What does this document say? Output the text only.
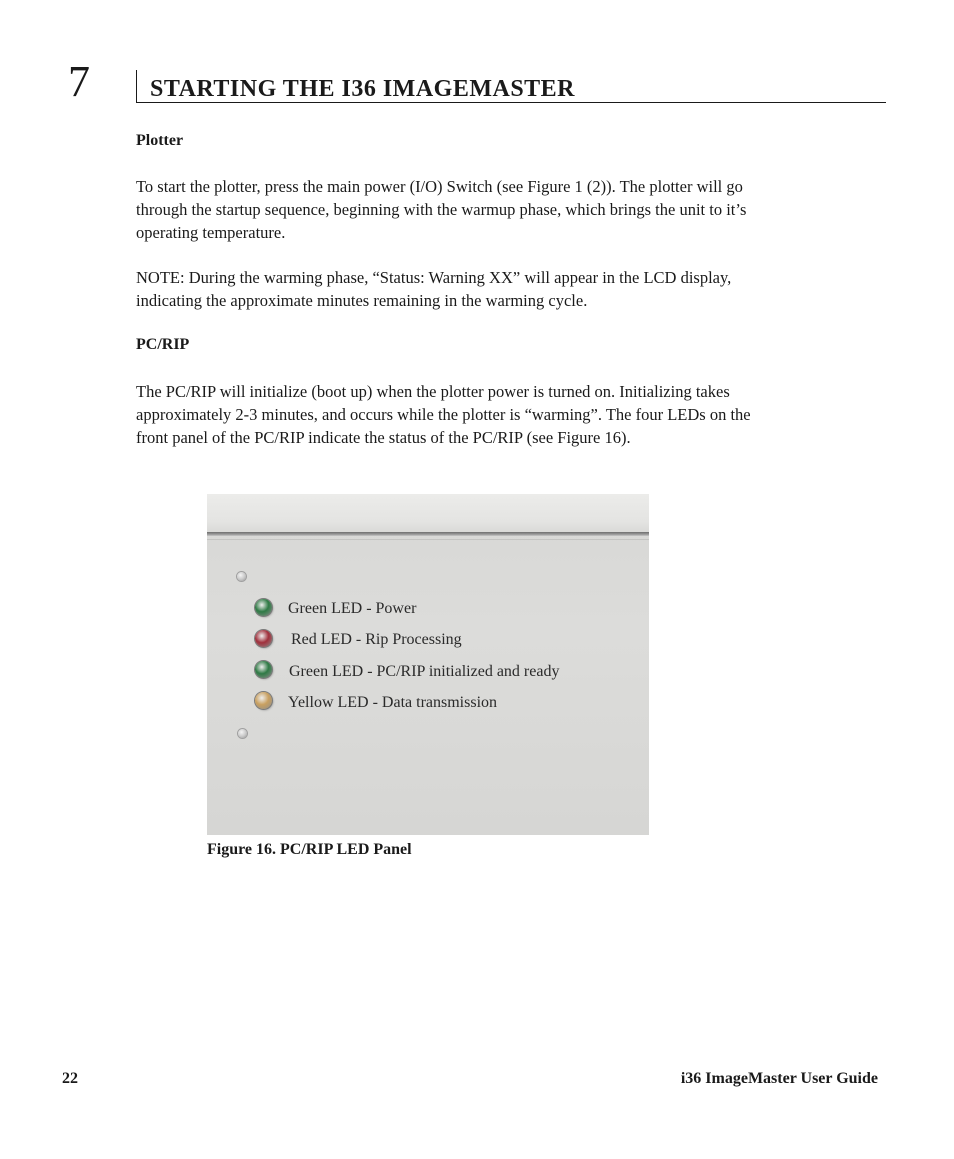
7	STARTING THE I36 IMAGEMASTER
Plotter

To start the plotter, press the main power (I/O) Switch (see Figure 1 (2)). The plotter will go through the startup sequence, beginning with the warmup phase, which brings the unit to it’s operating temperature.

NOTE: During the warming phase, “Status: Warning XX” will appear in the LCD display, indicating the approximate minutes remaining in the warming cycle.

PC/RIP

The PC/RIP will initialize (boot up) when the plotter power is turned on. Initializing takes approximately 2-3 minutes, and occurs while the plotter is “warming”. The four LEDs on the front panel of the PC/RIP indicate the status of the PC/RIP (see Figure 16).

Green LED - Power
Red LED - Rip Processing
Green LED - PC/RIP initialized and ready
Yellow LED - Data transmission
Figure 16. PC/RIP LED Panel
22	i36 ImageMaster User Guide
